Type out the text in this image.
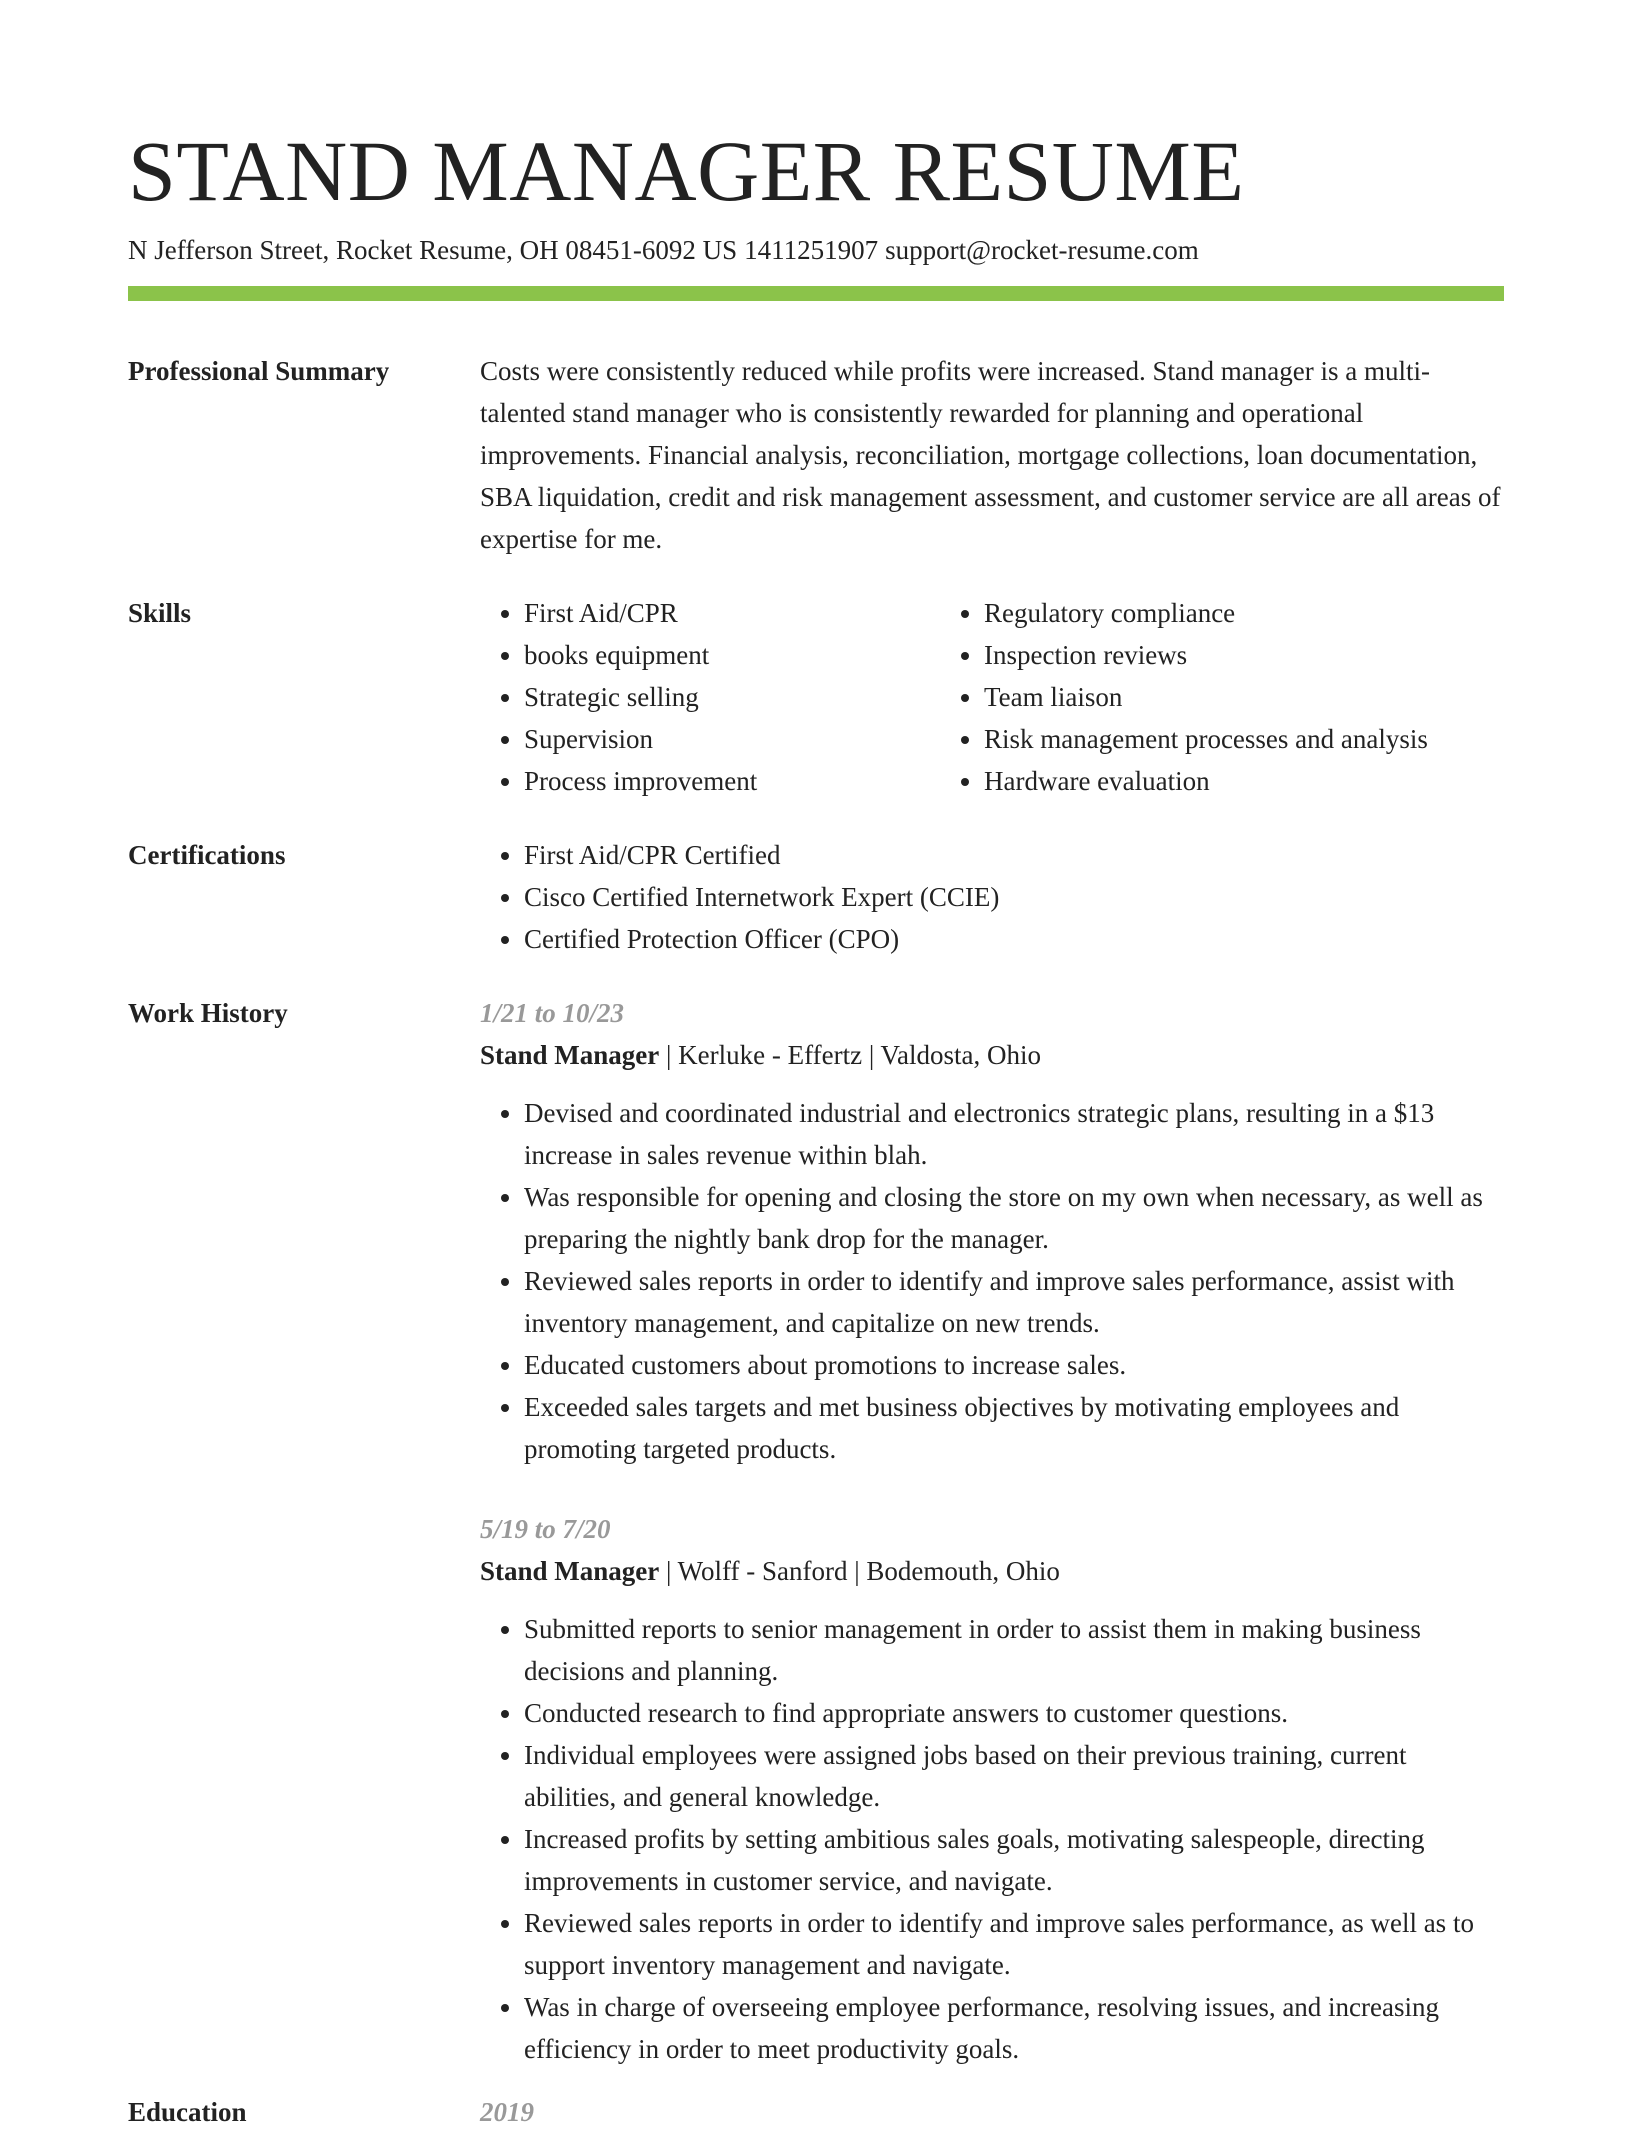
STAND MANAGER RESUME
N Jefferson Street, Rocket Resume, OH 08451-6092 US 1411251907 support@rocket-resume.com
Professional Summary	Costs were consistently reduced while profits were increased. Stand manager is a multi-talented stand manager who is consistently rewarded for planning and operational improvements. Financial analysis, reconciliation, mortgage collections, loan documentation, SBA liquidation, credit and risk management assessment, and customer service are all areas of expertise for me.

Skills	• First Aid/CPR
• books equipment
• Strategic selling
• Supervision
• Process improvement
• Regulatory compliance
• Inspection reviews
• Team liaison
• Risk management processes and analysis
• Hardware evaluation
Certifications	• First Aid/CPR Certified
• Cisco Certified Internetwork Expert (CCIE)
• Certified Protection Officer (CPO)
Work History	1/21 to 10/23
Stand Manager | Kerluke - Effertz | Valdosta, Ohio
• Devised and coordinated industrial and electronics strategic plans, resulting in a $13 increase in sales revenue within blah.
• Was responsible for opening and closing the store on my own when necessary, as well as preparing the nightly bank drop for the manager.
• Reviewed sales reports in order to identify and improve sales performance, assist with inventory management, and capitalize on new trends.
• Educated customers about promotions to increase sales.
• Exceeded sales targets and met business objectives by motivating employees and promoting targeted products.
5/19 to 7/20
Stand Manager | Wolff - Sanford | Bodemouth, Ohio
• Submitted reports to senior management in order to assist them in making business decisions and planning.
• Conducted research to find appropriate answers to customer questions.
• Individual employees were assigned jobs based on their previous training, current abilities, and general knowledge.
• Increased profits by setting ambitious sales goals, motivating salespeople, directing improvements in customer service, and navigate.
• Reviewed sales reports in order to identify and improve sales performance, as well as to support inventory management and navigate.
• Was in charge of overseeing employee performance, resolving issues, and increasing efficiency in order to meet productivity goals.
Education	2019
